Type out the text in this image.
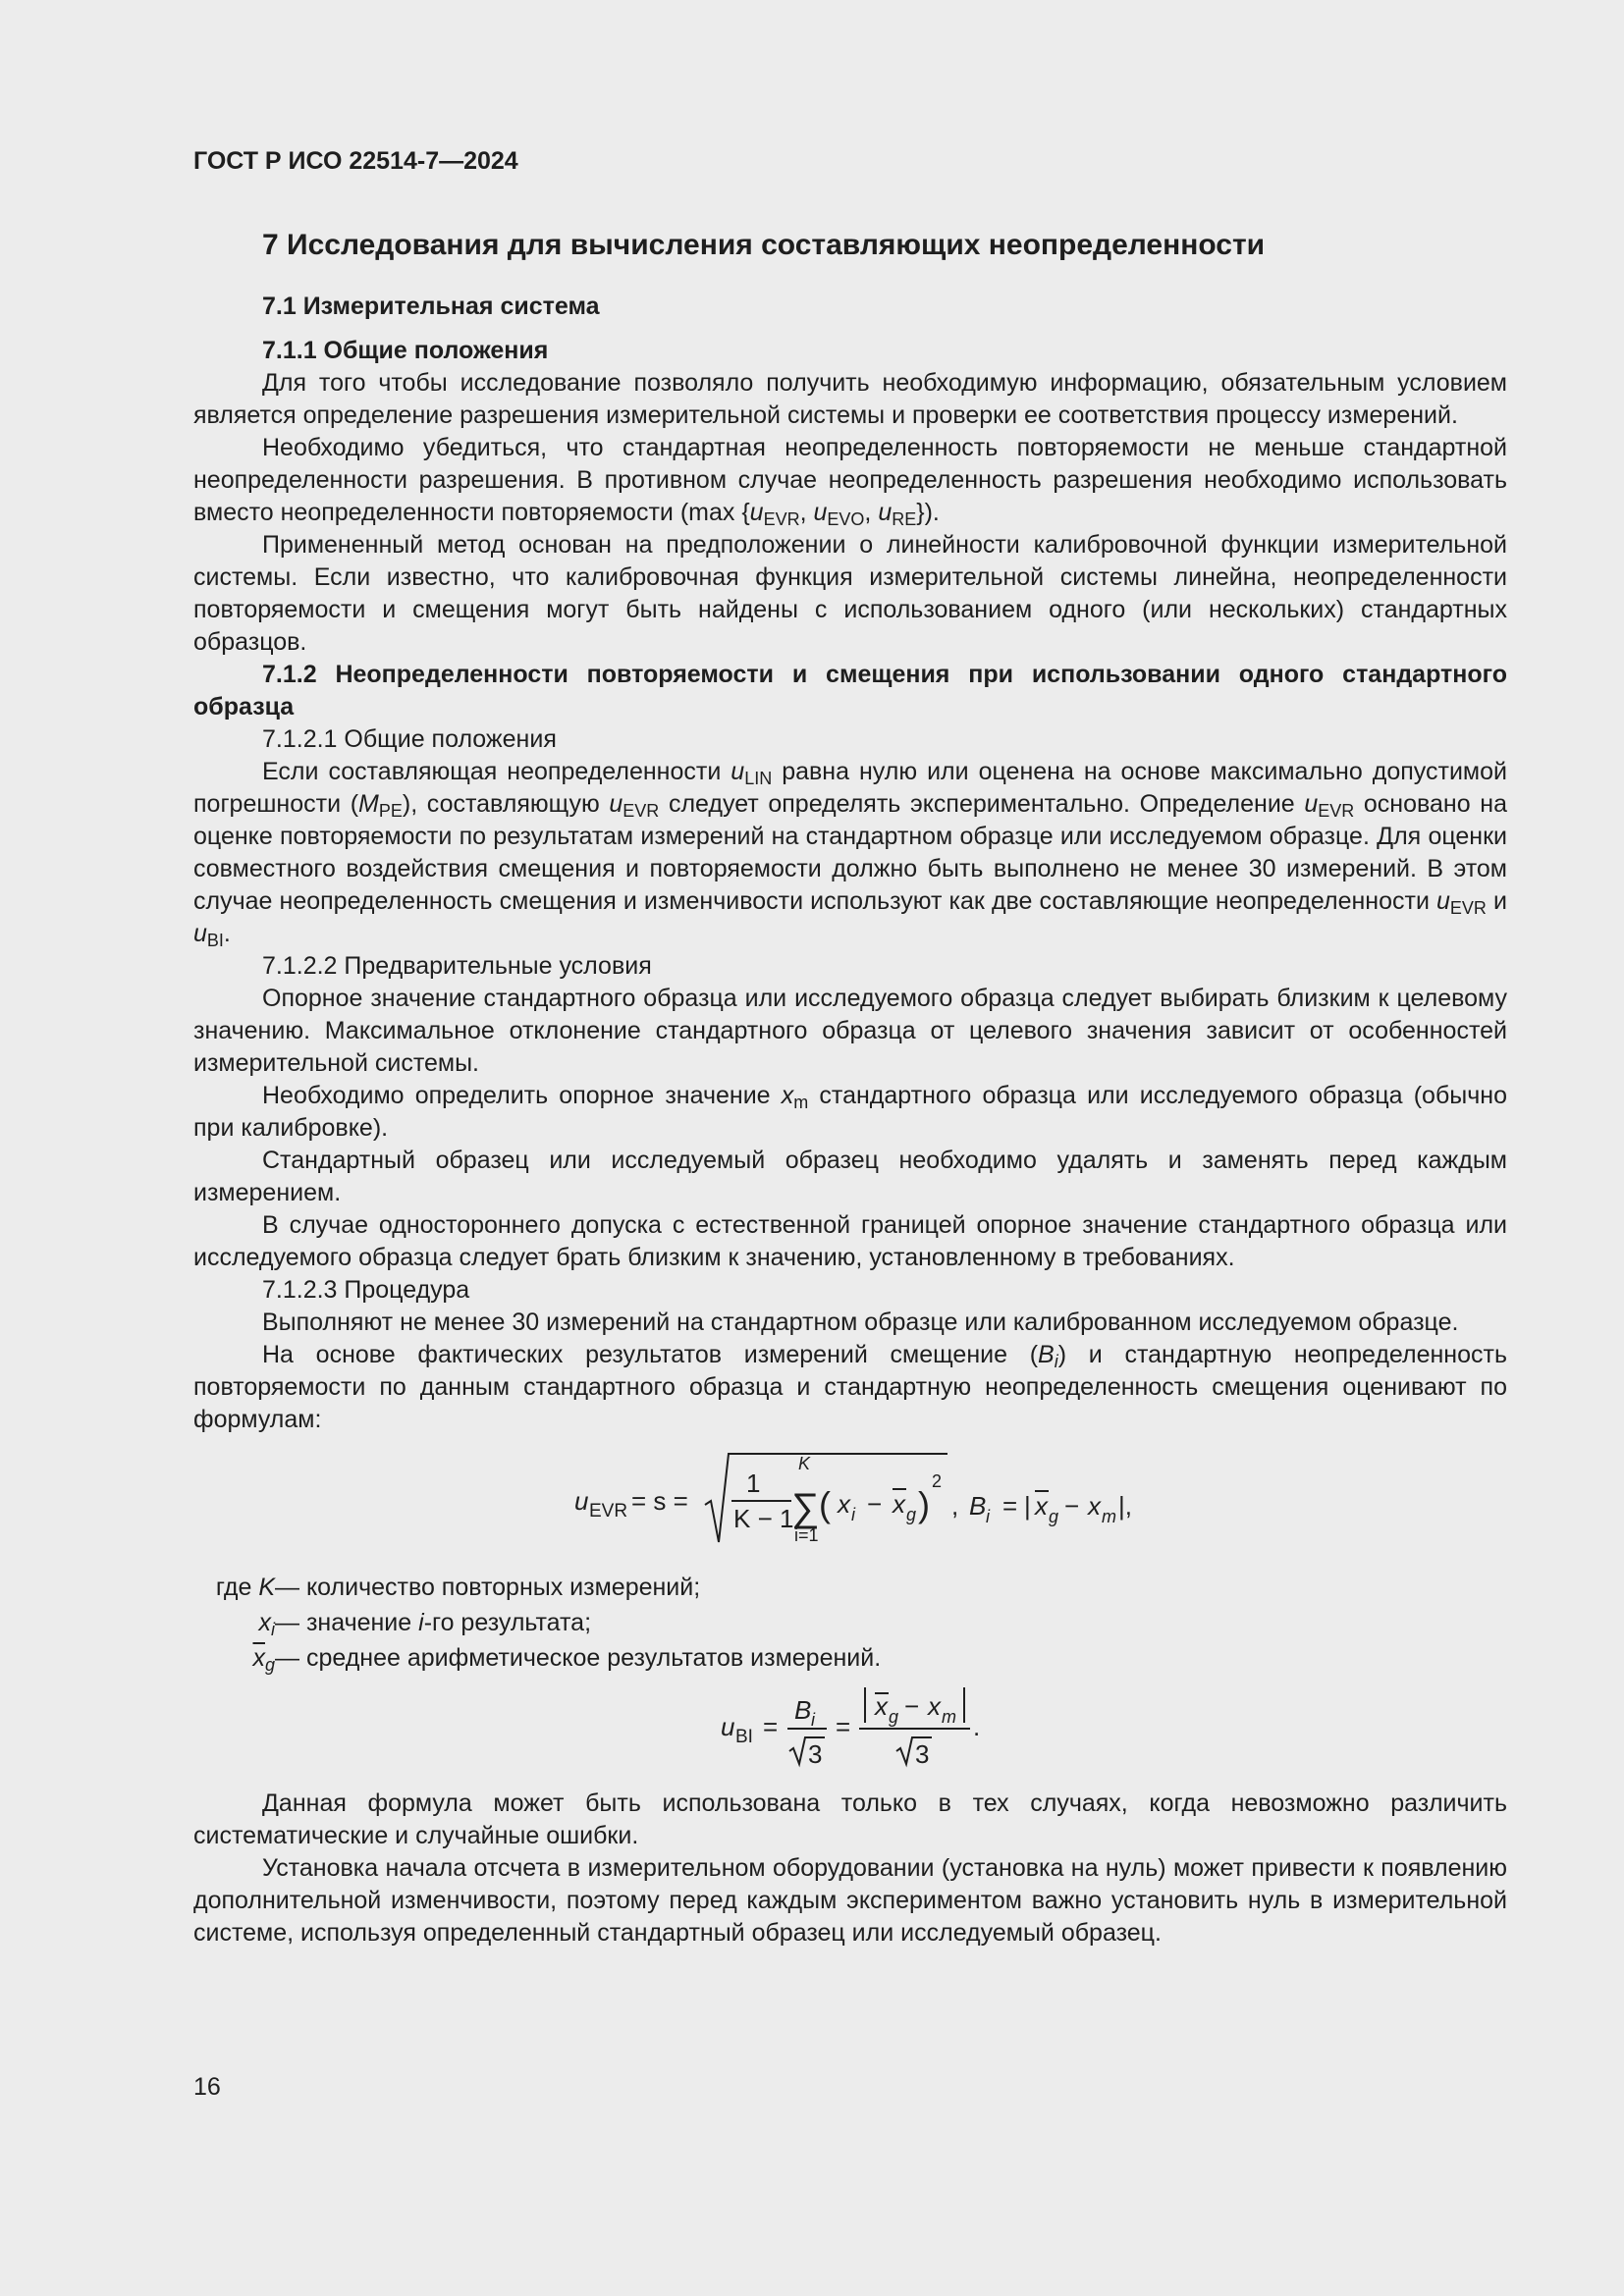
ГОСТ Р ИСО 22514-7—2024
7 Исследования для вычисления составляющих неопределенности
7.1 Измерительная система
7.1.1 Общие положения

Для того чтобы исследование позволяло получить необходимую информацию, обязательным условием является определение разрешения измерительной системы и проверки ее соответствия процессу измерений.

Необходимо убедиться, что стандартная неопределенность повторяемости не меньше стандартной неопределенности разрешения. В противном случае неопределенность разрешения необходимо использовать вместо неопределенности повторяемости (max {$u_{EVR}$, $u_{EVO}$, $u_{RE}$}).

Примененный метод основан на предположении о линейности калибровочной функции измерительной системы. Если известно, что калибровочная функция измерительной системы линейна, неопределенности повторяемости и смещения могут быть найдены с использованием одного (или нескольких) стандартных образцов.

7.1.2 Неопределенности повторяемости и смещения при использовании одного стандартного образца
7.1.2.1 Общие положения

Если составляющая неопределенности $u_{LIN}$ равна нулю или оценена на основе максимально допустимой погрешности $(M_{PE})$, составляющую $u_{EVR}$ следует определять экспериментально. Определение $u_{EVR}$ основано на оценке повторяемости по результатам измерений на стандартном образце или исследуемом образце. Для оценки совместного воздействия смещения и повторяемости должно быть выполнено не менее 30 измерений. В этом случае неопределенность смещения и изменчивости используют как две составляющие неопределенности $u_{EVR}$ и $u_{BI}$.

7.1.2.2 Предварительные условия

Опорное значение стандартного образца или исследуемого образца следует выбирать близким к целевому значению. Максимальное отклонение стандартного образца от целевого значения зависит от особенностей измерительной системы.

Необходимо определить опорное значение $x_m$ стандартного образца или исследуемого образца (обычно при калибровке).

Стандартный образец или исследуемый образец необходимо удалять и заменять перед каждым измерением.

В случае одностороннего допуска с естественной границей опорное значение стандартного образца или исследуемого образца следует брать близким к значению, установленному в требованиях.

7.1.2.3 Процедура

Выполняют не менее 30 измерений на стандартном образце или калиброванном исследуемом образце.

На основе фактических результатов измерений смещение $(B_i)$ и стандартную неопределенность повторяемости по данным стандартного образца и стандартную неопределенность смещения оценивают по формулам:

u EVR = s =
1
K − 1
K
∑
i=1
( x i − x g )
2
, B i = | x g − x m |,
где K — количество повторных измерений;
$x_i$ — значение i-го результата;
$\overline{x}_g$ — среднее арифметическое результатов измерений.
u BI =
B i
3
=
x g − x m
3
.

Данная формула может быть использована только в тех случаях, когда невозможно различить систематические и случайные ошибки.

Установка начала отсчета в измерительном оборудовании (установка на нуль) может привести к появлению дополнительной изменчивости, поэтому перед каждым экспериментом важно установить нуль в измерительной системе, используя определенный стандартный образец или исследуемый образец.

16
